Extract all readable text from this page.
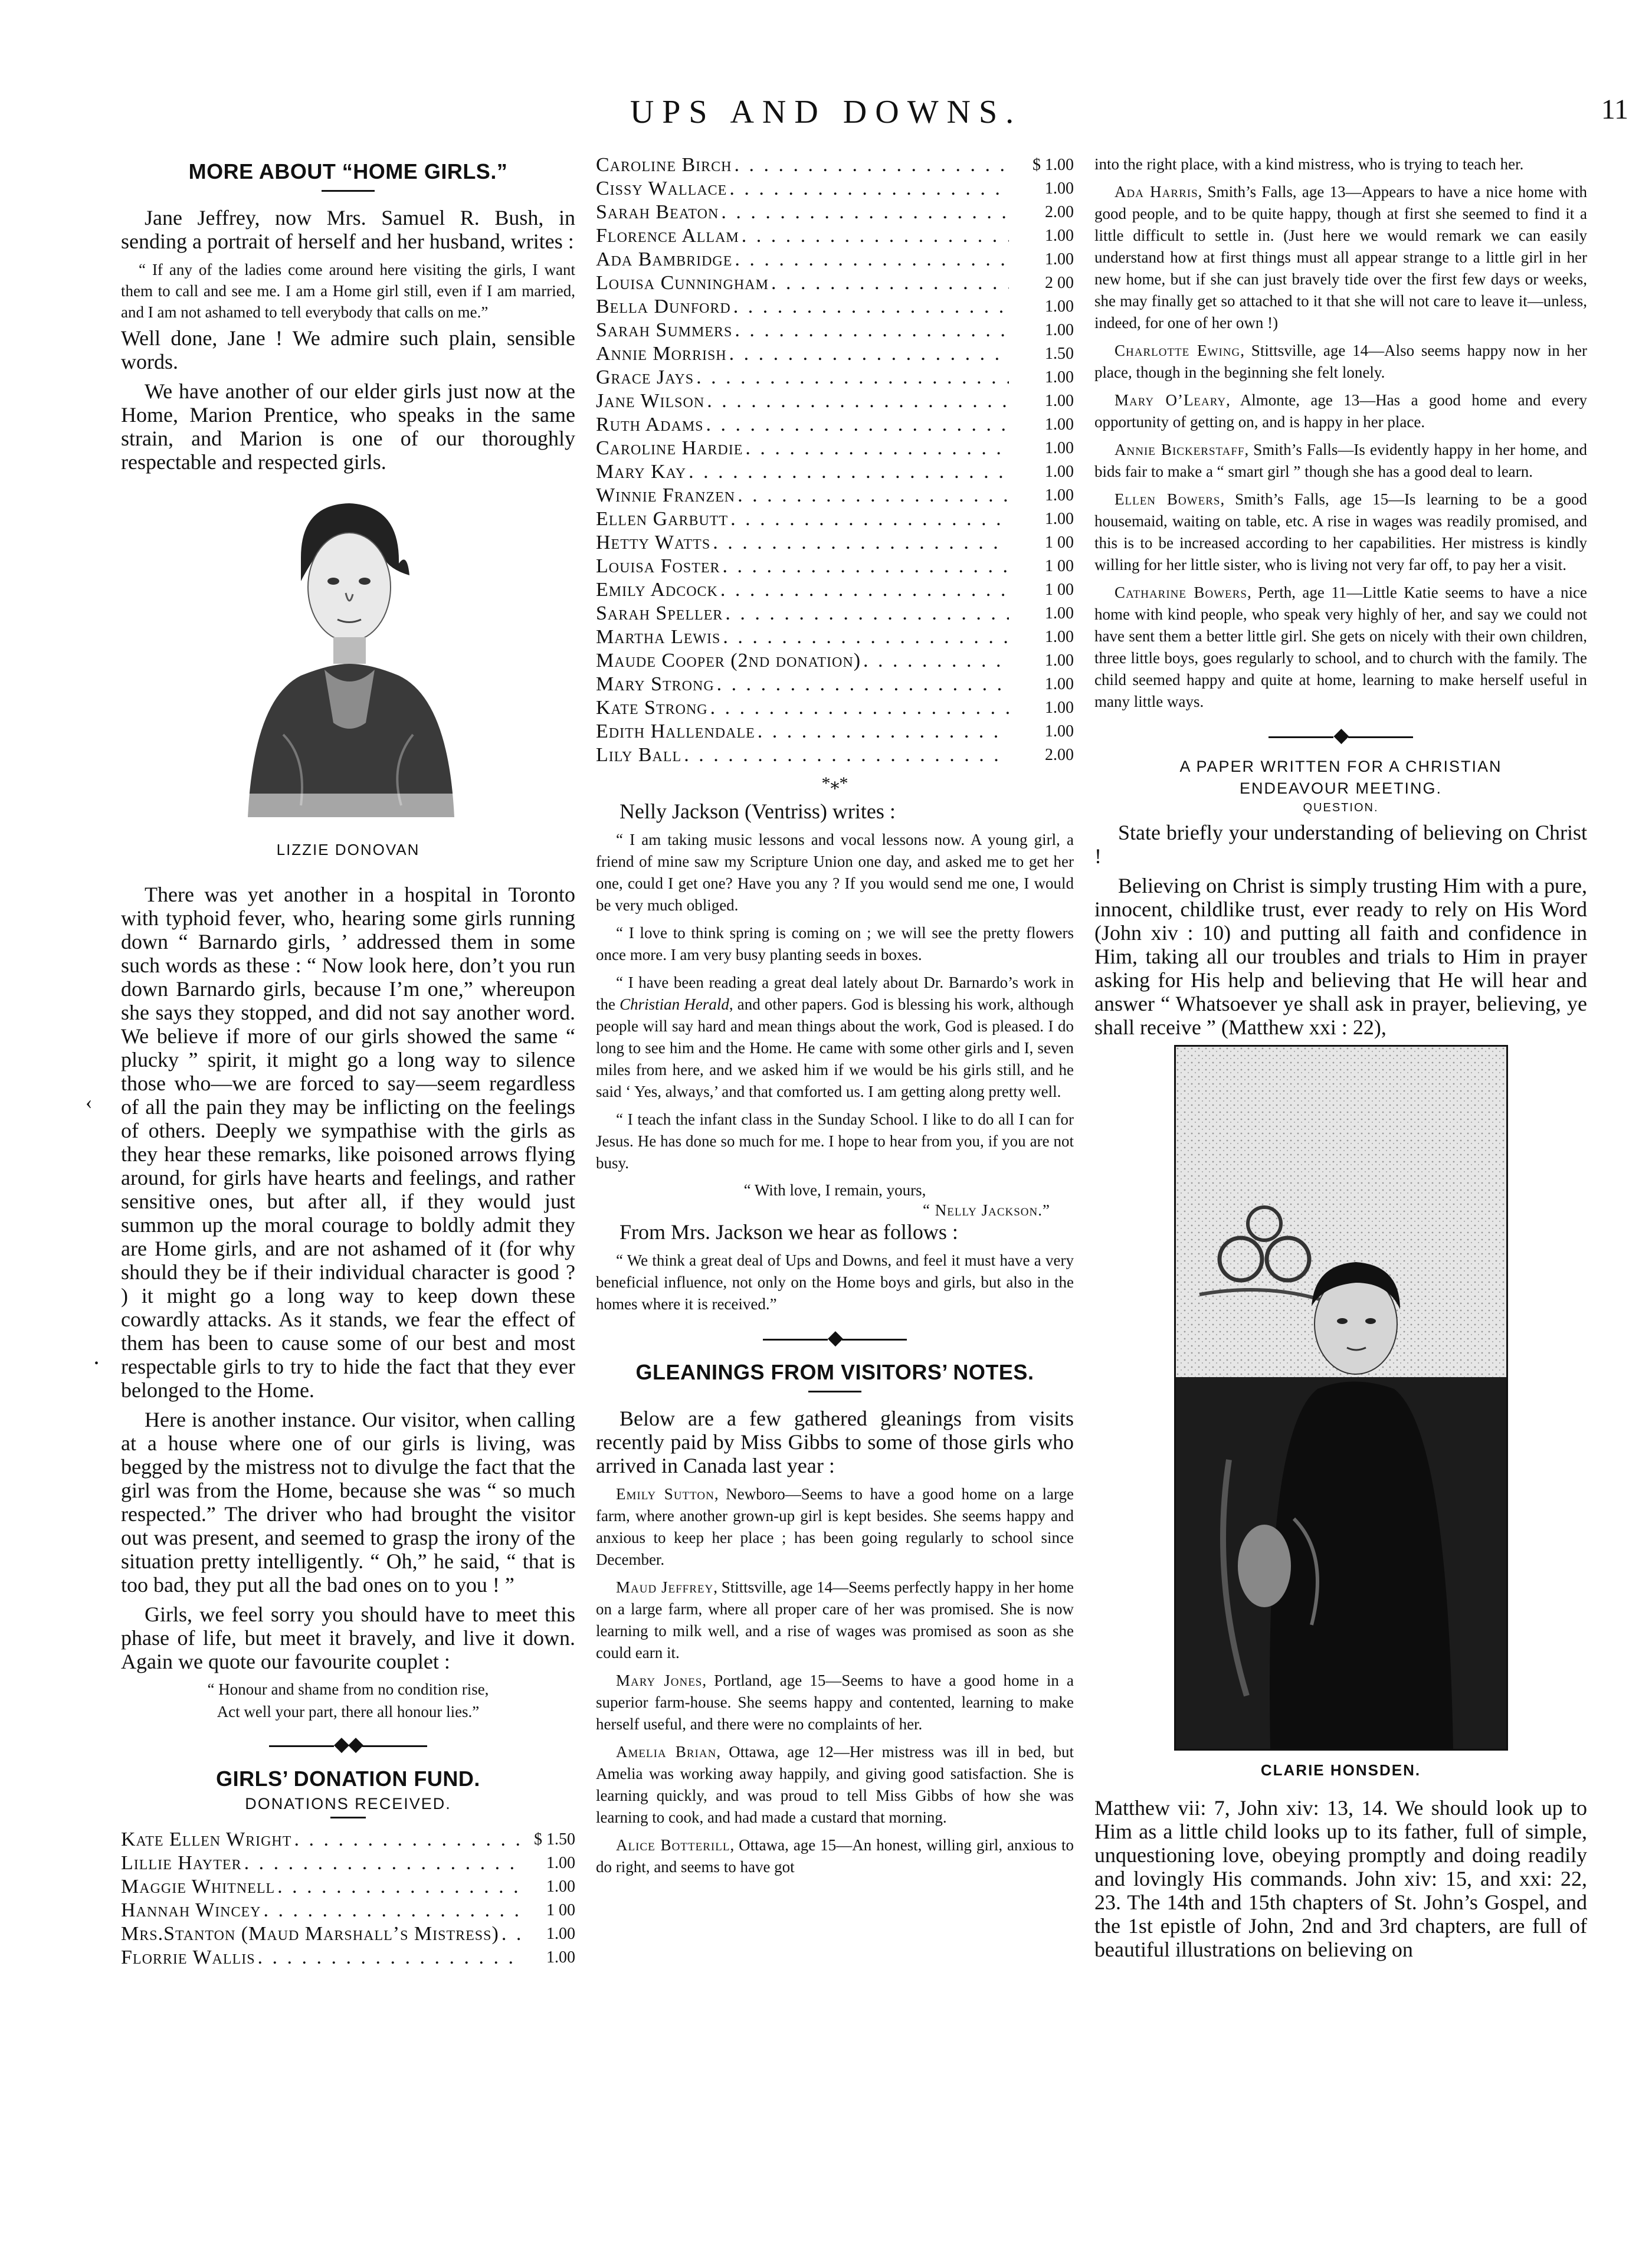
UPS AND DOWNS.	11
‹
•
MORE ABOUT “HOME GIRLS.”

Jane Jeffrey, now Mrs. Samuel R. Bush, in sending a portrait of herself and her husband, writes :

“ If any of the ladies come around here visiting the girls, I want them to call and see me. I am a Home girl still, even if I am married, and I am not ashamed to tell everybody that calls on me.”

Well done, Jane ! We admire such plain, sensible words.

We have another of our elder girls just now at the Home, Marion Prentice, who speaks in the same strain, and Marion is one of our thoroughly respectable and respected girls.

LIZZIE DONOVAN

There was yet another in a hospital in Toronto with typhoid fever, who, hearing some girls running down “ Barnardo girls, ’ addressed them in some such words as these : “ Now look here, don’t you run down Barnardo girls, because I’m one,” whereupon she says they stopped, and did not say another word. We believe if more of our girls showed the same “ plucky ” spirit, it might go a long way to silence those who—we are forced to say—seem regardless of all the pain they may be inflicting on the feelings of others. Deeply we sympathise with the girls as they hear these remarks, like poisoned arrows flying around, for girls have hearts and feelings, and rather sensitive ones, but after all, if they would just summon up the moral courage to boldly admit they are Home girls, and are not ashamed of it (for why should they be if their individual character is good ? ) it might go a long way to keep down these cowardly attacks. As it stands, we fear the effect of them has been to cause some of our best and most respectable girls to try to hide the fact that they ever belonged to the Home.

Here is another instance. Our visitor, when calling at a house where one of our girls is living, was begged by the mistress not to divulge the fact that the girl was from the Home, because she was “ so much respected.” The driver who had brought the visitor out was present, and seemed to grasp the irony of the situation pretty intelligently. “ Oh,” he said, “ that is too bad, they put all the bad ones on to you ! ”

Girls, we feel sorry you should have to meet this phase of life, but meet it bravely, and live it down. Again we quote our favourite couplet :

“ Honour and shame from no condition rise,
Act well your part, there all honour lies.”
◆◆
GIRLS’ DONATION FUND.
DONATIONS RECEIVED.
Kate Ellen Wright . . .	$ 1.50
Lillie Hayter . . .	1.00
Maggie Whitnell . . .	1.00
Hannah Wincey . . .	1 00
Mrs.Stanton (Maud Marshall’s Mistress) . . .	1.00
Florrie Wallis . . .	1.00
Caroline Birch . . .	$ 1.00
Cissy Wallace . . .	1.00
Sarah Beaton . . .	2.00
Florence Allam . . .	1.00
Ada Bambridge . . .	1.00
Louisa Cunningham . . .	2 00
Bella Dunford . . .	1.00
Sarah Summers . . .	1.00
Annie Morrish . . .	1.50
Grace Jays . . .	1.00
Jane Wilson . . .	1.00
Ruth Adams . . .	1.00
Caroline Hardie . . .	1.00
Mary Kay . . .	1.00
Winnie Franzen . . .	1.00
Ellen Garbutt . . .	1.00
Hetty Watts . . .	1 00
Louisa Foster . . .	1 00
Emily Adcock . . .	1 00
Sarah Speller . . .	1.00
Martha Lewis . . .	1.00
Maude Cooper (2nd donation) . . .	1.00
Mary Strong . . .	1.00
Kate Strong . . .	1.00
Edith Hallendale . . .	1.00
Lily Ball . . .	2.00
*⁎*

Nelly Jackson (Ventriss) writes :

“ I am taking music lessons and vocal lessons now. A young girl, a friend of mine saw my Scripture Union one day, and asked me to get her one, could I get one? Have you any ? If you would send me one, I would be very much obliged.

“ I love to think spring is coming on ; we will see the pretty flowers once more. I am very busy planting seeds in boxes.

“ I have been reading a great deal lately about Dr. Barnardo’s work in the Christian Herald, and other papers. God is blessing his work, although people will say hard and mean things about the work, God is pleased. I do long to see him and the Home. He came with some other girls and I, seven miles from here, and we asked him if we would be his girls still, and he said ‘ Yes, always,’ and that comforted us. I am getting along pretty well.

“ I teach the infant class in the Sunday School. I like to do all I can for Jesus. He has done so much for me. I hope to hear from you, if you are not busy.

“ With love, I remain, yours,

“ Nelly Jackson.”

From Mrs. Jackson we hear as follows :

“ We think a great deal of Ups and Downs, and feel it must have a very beneficial influence, not only on the Home boys and girls, but also in the homes where it is received.”

◆
GLEANINGS FROM VISITORS’ NOTES.

Below are a few gathered gleanings from visits recently paid by Miss Gibbs to some of those girls who arrived in Canada last year :

Emily Sutton, Newboro—Seems to have a good home on a large farm, where another grown-up girl is kept besides. She seems happy and anxious to keep her place ; has been going regularly to school since December.

Maud Jeffrey, Stittsville, age 14—Seems perfectly happy in her home on a large farm, where all proper care of her was promised. She is now learning to milk well, and a rise of wages was promised as soon as she could earn it.

Mary Jones, Portland, age 15—Seems to have a good home in a superior farm-house. She seems happy and contented, learning to make herself useful, and there were no complaints of her.

Amelia Brian, Ottawa, age 12—Her mistress was ill in bed, but Amelia was working away happily, and giving good satisfaction. She is learning quickly, and was proud to tell Miss Gibbs of how she was learning to cook, and had made a custard that morning.

Alice Botterill, Ottawa, age 15—An honest, willing girl, anxious to do right, and seems to have got

into the right place, with a kind mistress, who is trying to teach her.

Ada Harris, Smith’s Falls, age 13—Appears to have a nice home with good people, and to be quite happy, though at first she seemed to find it a little difficult to settle in. (Just here we would remark we can easily understand how at first things must all appear strange to a little girl in her new home, but if she can just bravely tide over the first few days or weeks, she may finally get so attached to it that she will not care to leave it—unless, indeed, for one of her own !)

Charlotte Ewing, Stittsville, age 14—Also seems happy now in her place, though in the beginning she felt lonely.

Mary O’Leary, Almonte, age 13—Has a good home and every opportunity of getting on, and is happy in her place.

Annie Bickerstaff, Smith’s Falls—Is evidently happy in her home, and bids fair to make a “ smart girl ” though she has a good deal to learn.

Ellen Bowers, Smith’s Falls, age 15—Is learning to be a good housemaid, waiting on table, etc. A rise in wages was readily promised, and this is to be increased according to her capabilities. Her mistress is kindly willing for her little sister, who is living not very far off, to pay her a visit.

Catharine Bowers, Perth, age 11—Little Katie seems to have a nice home with kind people, who speak very highly of her, and say we could not have sent them a better little girl. She gets on nicely with their own children, three little boys, goes regularly to school, and to church with the family. The child seemed happy and quite at home, learning to make herself useful in many little ways.

◆
A PAPER WRITTEN FOR A CHRISTIAN
ENDEAVOUR MEETING.
QUESTION.

State briefly your understanding of believing on Christ !

Believing on Christ is simply trusting Him with a pure, innocent, childlike trust, ever ready to rely on His Word (John xiv : 10) and putting all faith and confidence in Him, taking all our troubles and trials to Him in prayer asking for His help and believing that He will hear and answer “ Whatsoever ye shall ask in prayer, believing, ye shall receive ” (Matthew xxi : 22),

CLARIE HONSDEN.

Matthew vii: 7, John xiv: 13, 14. We should look up to Him as a little child looks up to its father, full of simple, unquestioning love, obeying promptly and doing readily and lovingly His commands. John xiv: 15, and xxi: 22, 23. The 14th and 15th chapters of St. John’s Gospel, and the 1st epistle of John, 2nd and 3rd chapters, are full of beautiful illustrations on believing on
